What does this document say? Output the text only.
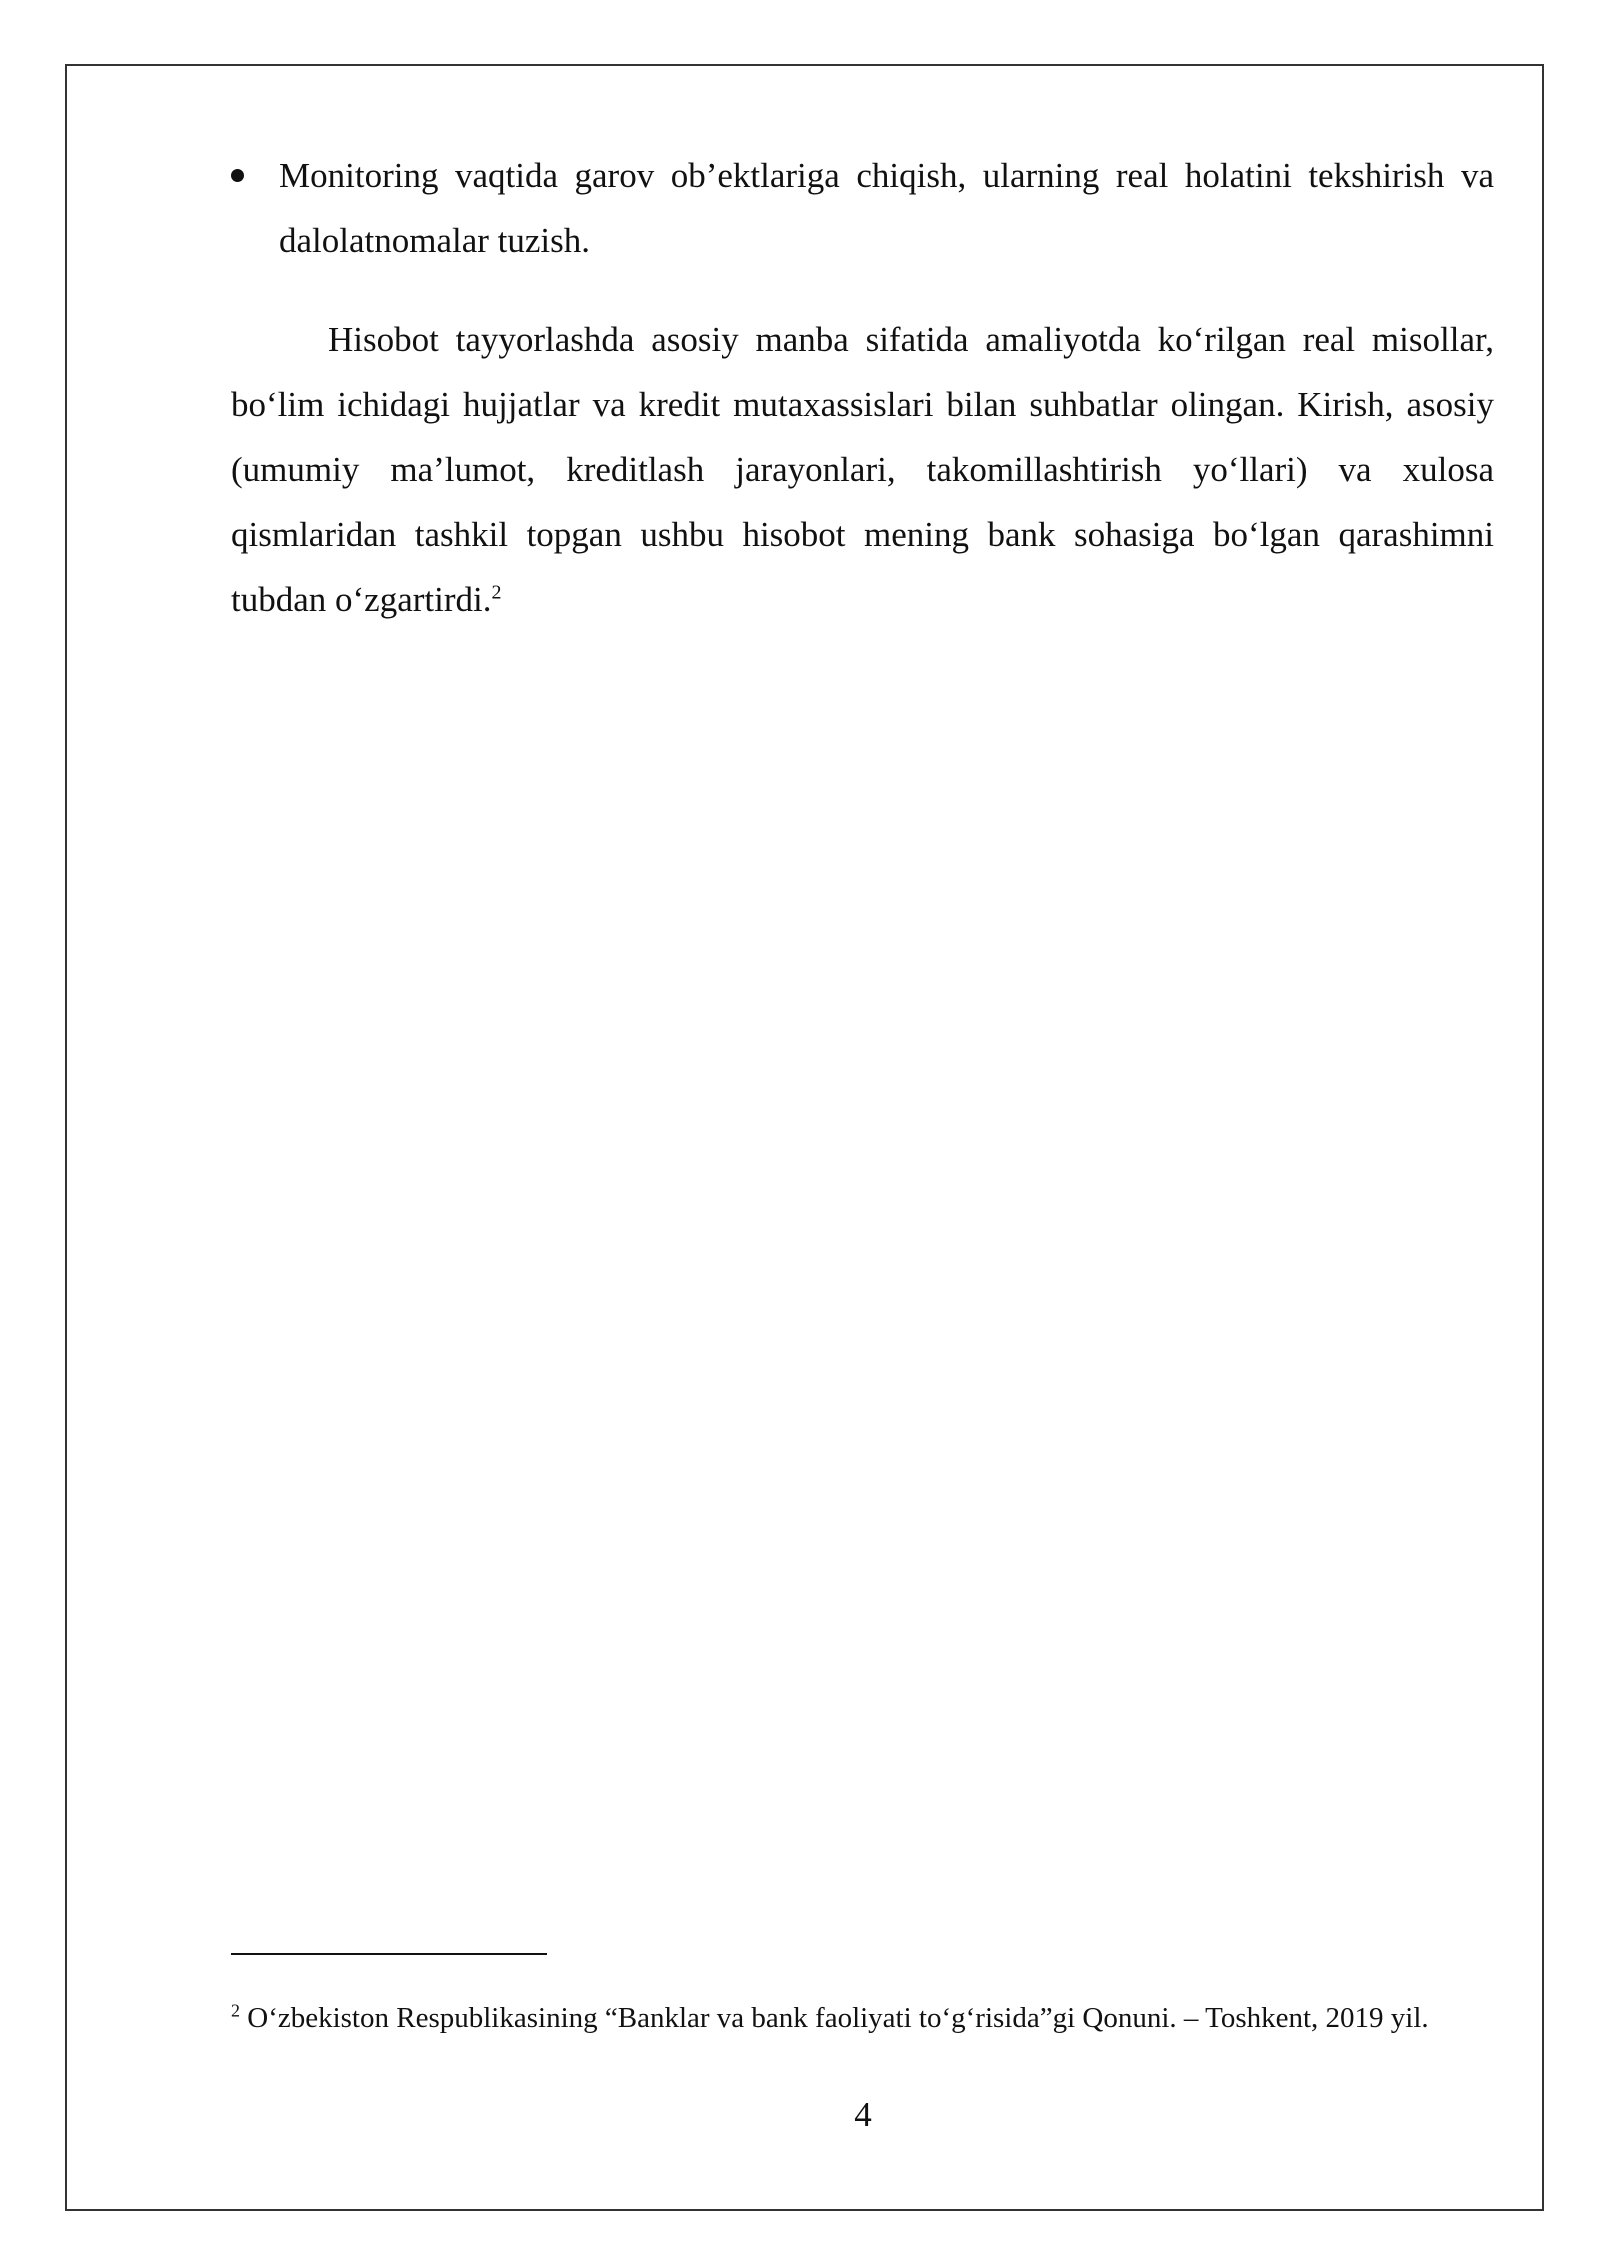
Monitoring vaqtida garov ob’ektlariga chiqish, ularning real holatini tekshirish va dalolatnomalar tuzish.

Hisobot tayyorlashda asosiy manba sifatida amaliyotda ko‘rilgan real misollar, bo‘lim ichidagi hujjatlar va kredit mutaxassislari bilan suhbatlar olingan. Kirish, asosiy (umumiy ma’lumot, kreditlash jarayonlari, takomillashtirish yo‘llari) va xulosa qismlaridan tashkil topgan ushbu hisobot mening bank sohasiga bo‘lgan qarashimni tubdan o‘zgartirdi.$^2$

$^2$ O‘zbekiston Respublikasining “Banklar va bank faoliyati to‘g‘risida”gi Qonuni. – Toshkent, 2019 yil.
4
